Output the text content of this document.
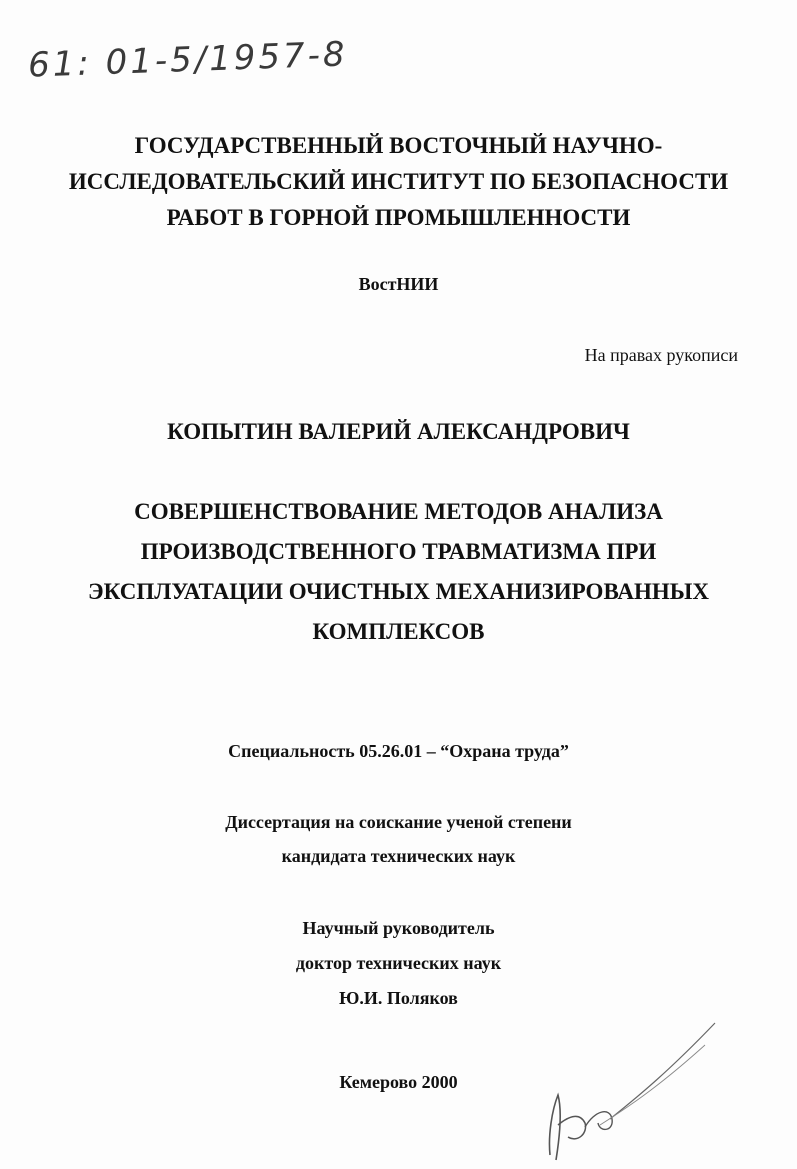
61: 01-5/1957-8
ГОСУДАРСТВЕННЫЙ ВОСТОЧНЫЙ НАУЧНО-
ИССЛЕДОВАТЕЛЬСКИЙ ИНСТИТУТ ПО БЕЗОПАСНОСТИ
РАБОТ В ГОРНОЙ ПРОМЫШЛЕННОСТИ
ВостНИИ
На правах рукописи
КОПЫТИН ВАЛЕРИЙ АЛЕКСАНДРОВИЧ
СОВЕРШЕНСТВОВАНИЕ МЕТОДОВ АНАЛИЗА
ПРОИЗВОДСТВЕННОГО ТРАВМАТИЗМА ПРИ
ЭКСПЛУАТАЦИИ ОЧИСТНЫХ МЕХАНИЗИРОВАННЫХ
КОМПЛЕКСОВ
Специальность 05.26.01 – “Охрана труда”
Диссертация на соискание ученой степени
кандидата технических наук
Научный руководитель
доктор технических наук
Ю.И. Поляков
Кемерово 2000
